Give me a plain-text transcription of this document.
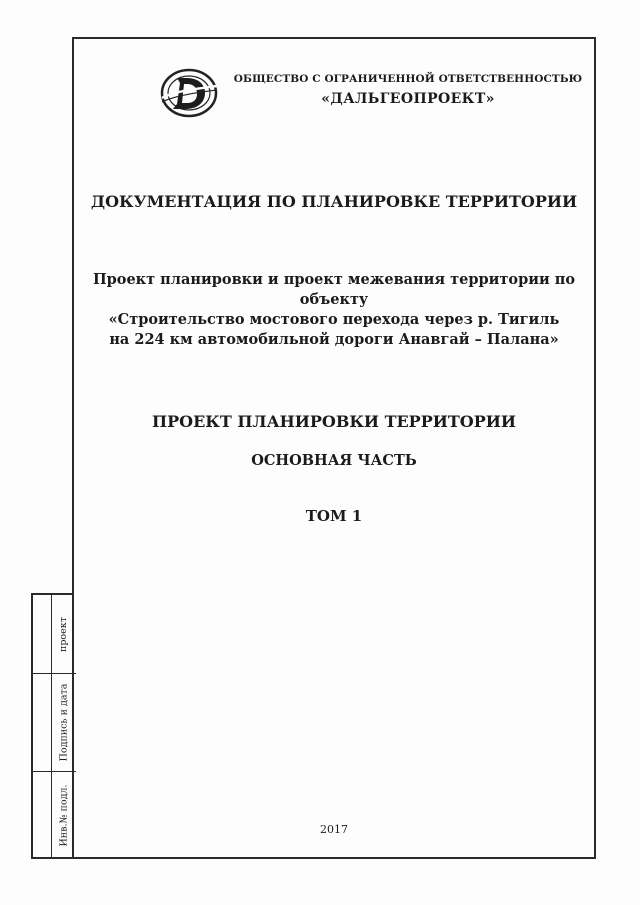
проект
Подпись и дата
Инв.№ подл.
ОБЩЕСТВО С ОГРАНИЧЕННОЙ ОТВЕТСТВЕННОСТЬЮ
«ДАЛЬГЕОПРОЕКТ»
ДОКУМЕНТАЦИЯ ПО ПЛАНИРОВКЕ ТЕРРИТОРИИ
Проект планировки и проект межевания территории по объекту
«Строительство мостового перехода через р. Тигиль
на 224 км автомобильной дороги Анавгай – Палана»
ПРОЕКТ ПЛАНИРОВКИ ТЕРРИТОРИИ
ОСНОВНАЯ ЧАСТЬ
ТОМ 1
2017
